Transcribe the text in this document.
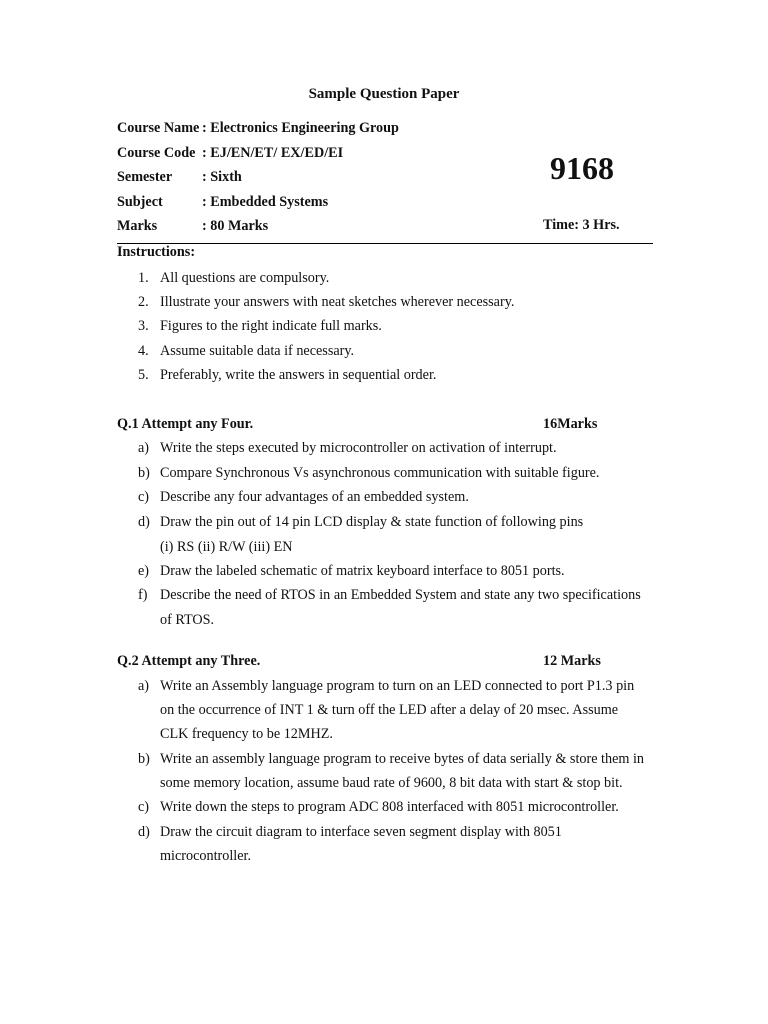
Sample Question Paper
Course Name : Electronics Engineering Group
Course Code : EJ/EN/ET/ EX/ED/EI
Semester : Sixth
Subject	: Embedded Systems
Marks	: 80 Marks
9168
Time: 3 Hrs.
Instructions:
Q.1 Attempt any Four.	16Marks
Q.2 Attempt any Three.	12 Marks
1. All questions are compulsory.
2. Illustrate your answers with neat sketches wherever necessary.
3. Figures to the right indicate full marks.
4. Assume suitable data if necessary.
5. Preferably, write the answers in sequential order.
a) Write the steps executed by microcontroller on activation of interrupt.
b) Compare Synchronous Vs asynchronous communication with suitable figure.
c) Describe any four advantages of an embedded system.
d) Draw the pin out of 14 pin LCD display & state function of following pins
(i) RS (ii) R/W (iii) EN
e) Draw the labeled schematic of matrix keyboard interface to 8051 ports.
f) Describe the need of RTOS in an Embedded System and state any two specifications
of RTOS.
a) Write an Assembly language program to turn on an LED connected to port P1.3 pin
on the occurrence of INT 1 & turn off the LED after a delay of 20 msec. Assume
CLK frequency to be 12MHZ.
b) Write an assembly language program to receive bytes of data serially & store them in
some memory location, assume baud rate of 9600, 8 bit data with start & stop bit.
c) Write down the steps to program ADC 808 interfaced with 8051 microcontroller.
d) Draw the circuit diagram to interface seven segment display with 8051
microcontroller.
